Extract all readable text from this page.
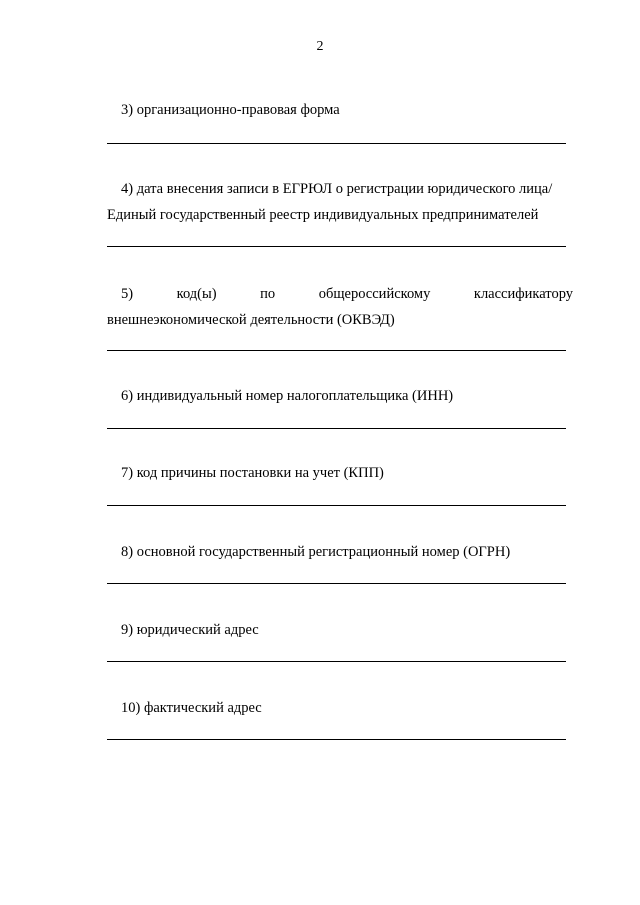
2
3) организационно-правовая форма
4) дата внесения записи в ЕГРЮЛ о регистрации юридического лица/
Единый государственный реестр индивидуальных предпринимателей
5)	код(ы)	по	общероссийскому	классификатору
внешнеэкономической деятельности (ОКВЭД)
6) индивидуальный номер налогоплательщика (ИНН)
7) код причины постановки на учет (КПП)
8) основной государственный регистрационный номер (ОГРН)
9) юридический адрес
10) фактический адрес
